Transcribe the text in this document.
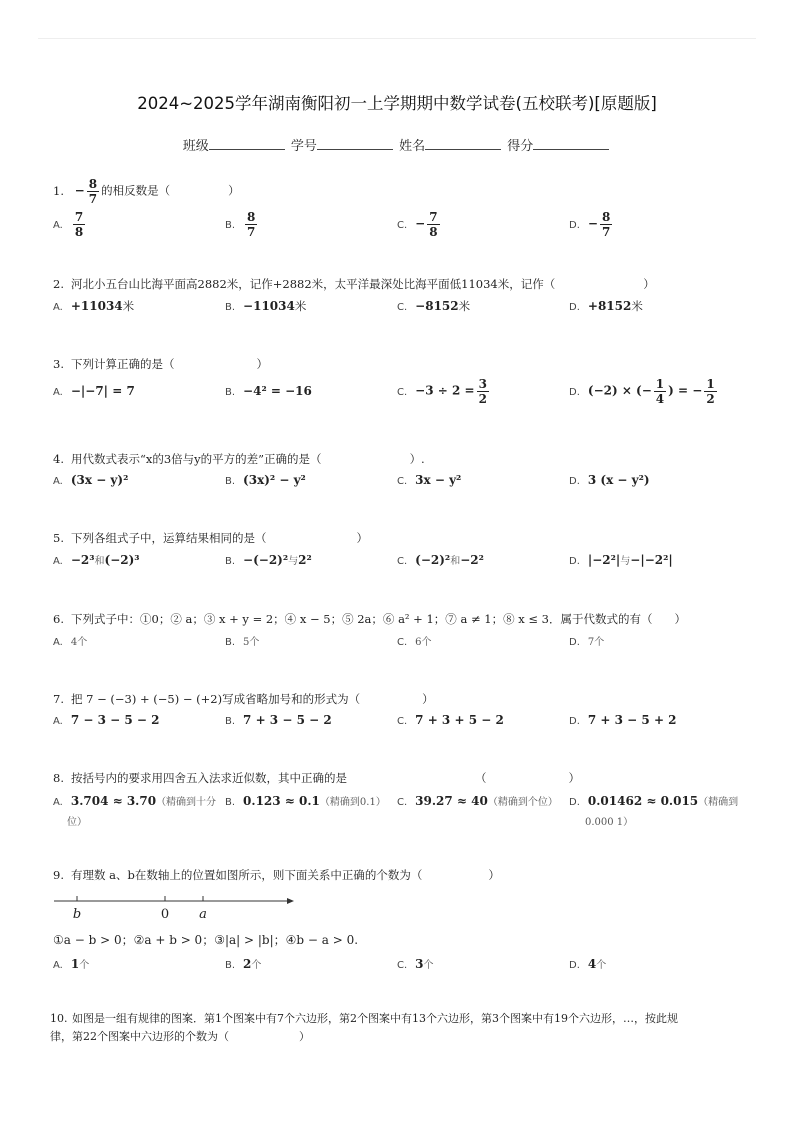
2024~2025学年湖南衡阳初一上学期期中数学试卷(五校联考)[原题版]
班级	学号	姓名	得分
1. − $\frac{8}{7}$ 的相反数是（	）
A. $\frac{7}{8}$	B. $\frac{8}{7}$	C. − $\frac{7}{8}$	D. − $\frac{8}{7}$
2. 河北小五台山比海平面高2882米，记作+2882米，太平洋最深处比海平面低11034米，记作（	）
A. +11034米	B. −11034米	C. −8152米	D. +8152米
3. 下列计算正确的是（	）
A. −|−7| = 7	B. −4² = −16	C. $-3 \div 2 = \frac{3}{2}$	D. (−2) × (− $\frac{1}{4}$ ) = − $\frac{1}{2}$
4. 用代数式表示“x的3倍与y的平方的差”正确的是（	）.
A. (3x − y)²	B. (3x)² − y²	C. 3x − y²	D. 3 (x − y²)
5. 下列各组式子中，运算结果相同的是（	）
A. −2³和(−2)³	B. −(−2)²与2²	C. (−2)²和−2²	D. |−2²|与−|−2²|
6. 下列式子中：①0；② a；③ x + y = 2；④ x − 5；⑤ 2a；⑥ a² + 1；⑦ a ≠ 1；⑧ x ≤ 3．属于代数式的有（ ）
A. 4个	B. 5个	C. 6个	D. 7个
7. 把 7 − (−3) + (−5) − (+2)写成省略加号和的形式为（	）
A. 7 − 3 − 5 − 2	B. 7 + 3 − 5 − 2	C. 7 + 3 + 5 − 2	D. 7 + 3 − 5 + 2
8. 按括号内的要求用四舍五入法求近似数，其中正确的是	（	）
A. 3.704 ≈ 3.70（精确到十分
位）
B. 0.123 ≈ 0.1（精确到0.1） C. 39.27 ≈ 40（精确到个位） D. 0.01462 ≈ 0.015（精确到
0.000 1）
9. 有理数 a、b在数轴上的位置如图所示，则下面关系中正确的个数为（	）
b	0 a
①a − b > 0；②a + b > 0；③|a| > |b|；④b − a > 0.
A. 1个	B. 2个	C. 3个	D. 4个
10. 如图是一组有规律的图案．第1个图案中有7个六边形，第2个图案中有13个六边形，第3个图案中有19个六边形，…，按此规
律，第22个图案中六边形的个数为（	）
